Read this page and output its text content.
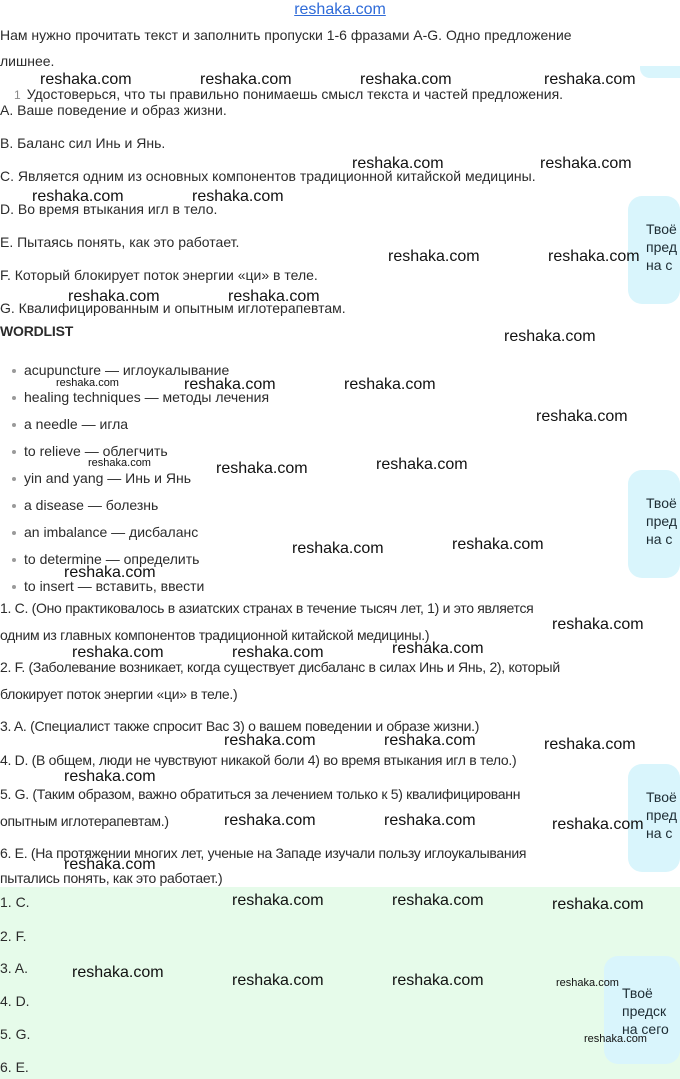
reshaka.com
Нам нужно прочитать текст и заполнить пропуски 1-6 фразами A-G. Одно предложение
лишнее.
1 Удостоверься, что ты правильно понимаешь смысл текста и частей предложения.
A. Ваше поведение и образ жизни.
B. Баланс сил Инь и Янь.
C. Является одним из основных компонентов традиционной китайской медицины.
D. Во время втыкания игл в тело.
E. Пытаясь понять, как это работает.
F. Который блокирует поток энергии «ци» в теле.
G. Квалифицированным и опытным иглотерапевтам.
WORDLIST
acupuncture — иглоукалывание
healing techniques — методы лечения
a needle — игла
to relieve — облегчить
yin and yang — Инь и Янь
a disease — болезнь
an imbalance — дисбаланс
to determine — определить
to insert — вставить, ввести
1. C. (Оно практиковалось в азиатских странах в течение тысяч лет, 1) и это является
одним из главных компонентов традиционной китайской медицины.)
2. F. (Заболевание возникает, когда существует дисбаланс в силах Инь и Янь, 2), который
блокирует поток энергии «ци» в теле.)
3. A. (Специалист также спросит Вас 3) о вашем поведении и образе жизни.)
4. D. (В общем, люди не чувствуют никакой боли 4) во время втыкания игл в тело.)
5. G. (Таким образом, важно обратиться за лечением только к 5) квалифицированн
опытным иглотерапевтам.)
6. E. (На протяжении многих лет, ученые на Западе изучали пользу иглоукалывания
пытались понять, как это работает.)
1. C.
2. F.
3. A.
4. D.
5. G.
6. E.
Твоё
пред
на с
Твоё
пред
на с
Твоё
пред
на с
Твоё
предск
на сего
reshaka.com	reshaka.com	reshaka.com	reshaka.com
reshaka.com	reshaka.com
reshaka.com	reshaka.com
reshaka.com	reshaka.com
reshaka.com	reshaka.com
reshaka.com
reshaka.com	reshaka.com	reshaka.com
reshaka.com
reshaka.com	reshaka.com	reshaka.com
reshaka.com	reshaka.com
reshaka.com
reshaka.com
reshaka.com	reshaka.com	reshaka.com
reshaka.com	reshaka.com	reshaka.com
reshaka.com
reshaka.com	reshaka.com	reshaka.com
reshaka.com
reshaka.com	reshaka.com	reshaka.com
reshaka.com	reshaka.com	reshaka.com	reshaka.com
reshaka.com
